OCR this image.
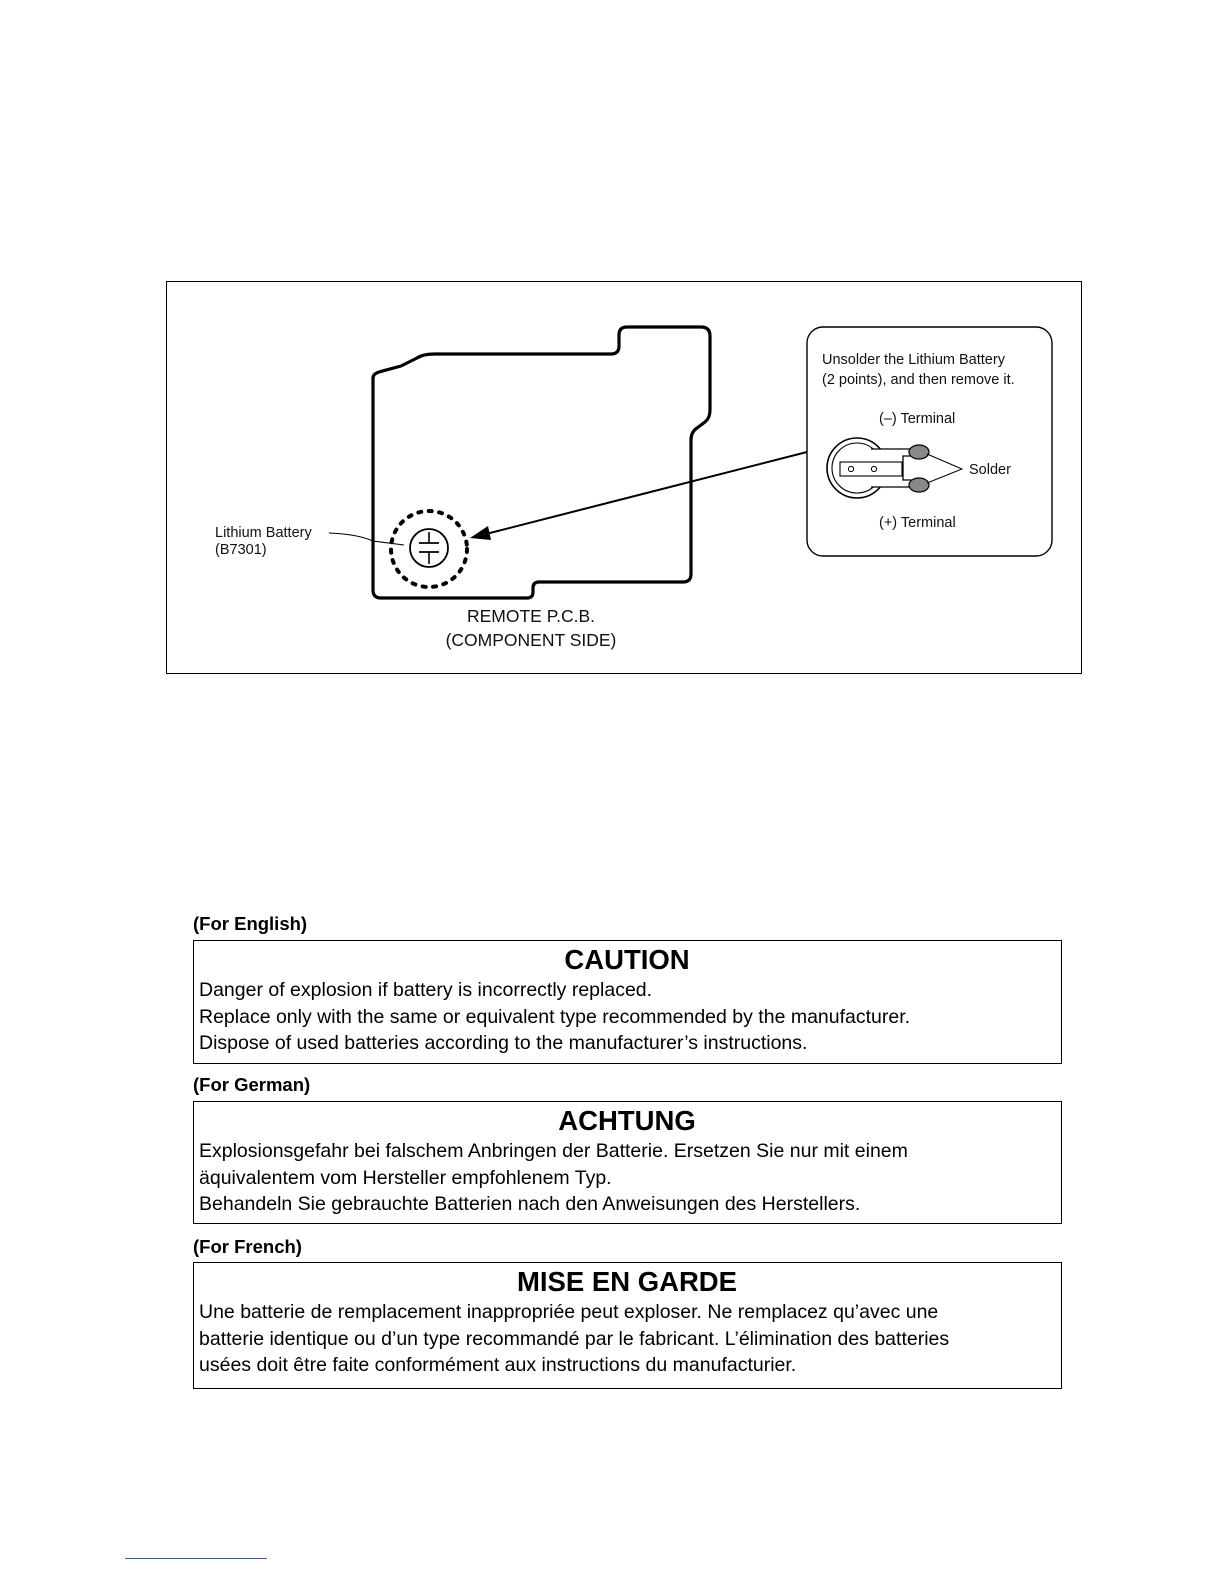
Unsolder the Lithium Battery
(2 points), and then remove it.
(–) Terminal
Solder
(+) Terminal
Lithium Battery
(B7301)
REMOTE P.C.B.
(COMPONENT SIDE)
(For English)
CAUTION
Danger of explosion if battery is incorrectly replaced.
Replace only with the same or equivalent type recommended by the manufacturer.
Dispose of used batteries according to the manufacturer’s instructions.
(For German)
ACHTUNG
Explosionsgefahr bei falschem Anbringen der Batterie. Ersetzen Sie nur mit einem
äquivalentem vom Hersteller empfohlenem Typ.
Behandeln Sie gebrauchte Batterien nach den Anweisungen des Herstellers.
(For French)
MISE EN GARDE
Une batterie de remplacement inappropriée peut exploser. Ne remplacez qu’avec une
batterie identique ou d’un type recommandé par le fabricant. L’élimination des batteries
usées doit être faite conformément aux instructions du manufacturier.
